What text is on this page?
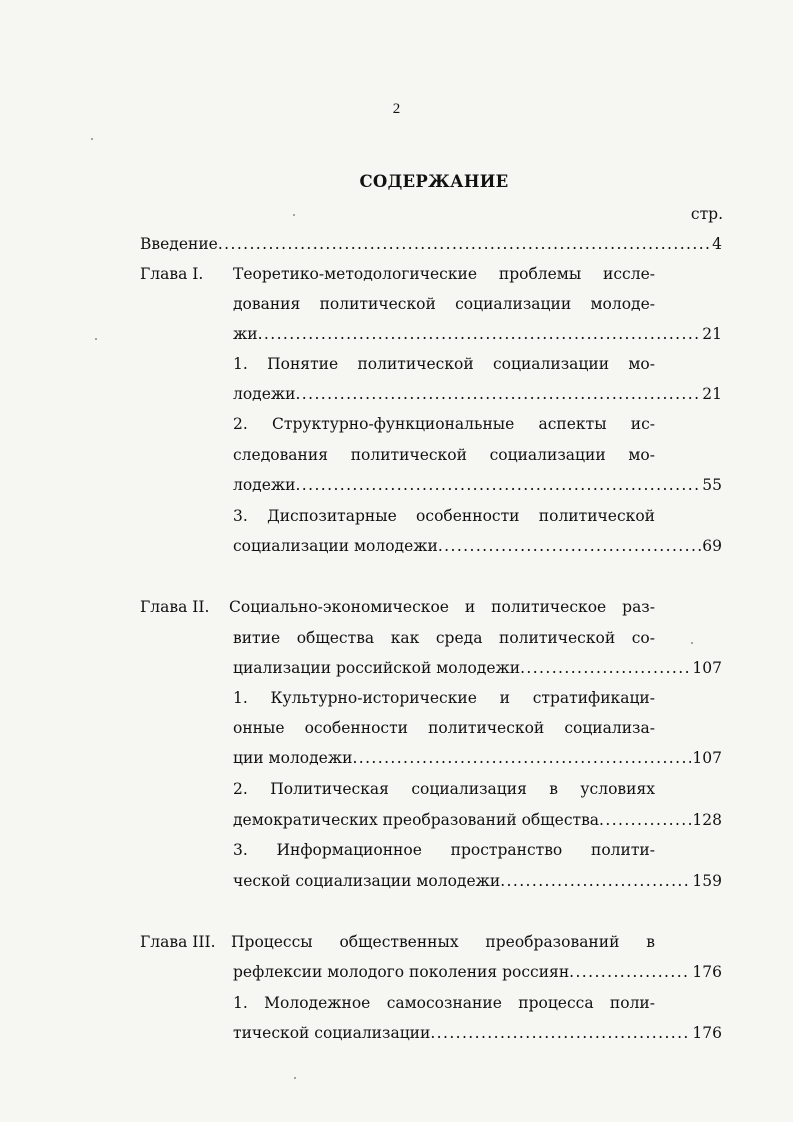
2
СОДЕРЖАНИЕ
стр.
Введение .....	4
Глава I. Теоретико-методологические проблемы иссле-
дования политической социализации молоде-
жи .....	21
1. Понятие политической социализации мо-
лодежи .....	21
2. Структурно-функциональные аспекты ис-
следования политической социализации мо-
лодежи .....	55
3. Диспозитарные особенности политической
социализации молодежи .....	69
Глава II. Социально-экономическое и политическое раз-
витие общества как среда политической со-
циализации российской молодежи .....	107
1. Культурно-исторические и стратификаци-
онные особенности политической социализа-
ции молодежи .....	107
2. Политическая социализация в условиях
демократических преобразований общества .....	128
3. Информационное пространство полити-
ческой социализации молодежи .....	159
Глава III. Процессы общественных преобразований в
рефлексии молодого поколения россиян .....	176
1. Молодежное самосознание процесса поли-
тической социализации .....	176
